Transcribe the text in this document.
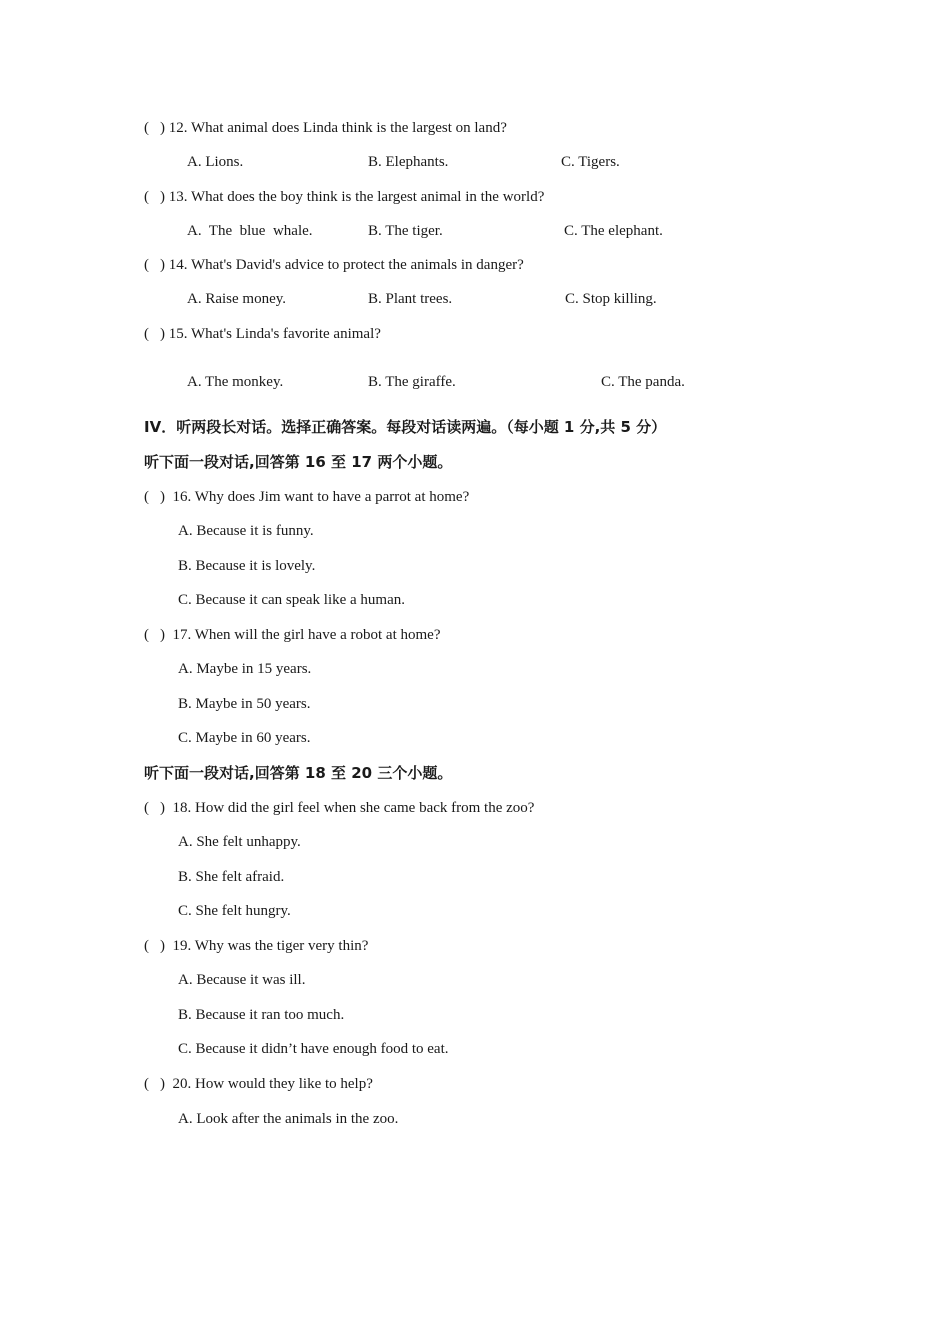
( ) 12. What animal does Linda think is the largest on land?
A. Lions.	B. Elephants.	C. Tigers.
( ) 13. What does the boy think is the largest animal in the world?
A.  The  blue  whale.	B. The tiger.	C. The elephant.
( ) 14. What's David's advice to protect the animals in danger?
A. Raise money.	B. Plant trees.	C. Stop killing.
( ) 15. What's Linda's favorite animal?
A. The monkey.	B. The giraffe.	C. The panda.
IV．听两段长对话。选择正确答案。每段对话读两遍。（每小题 1 分,共 5 分）
听下面一段对话,回答第 16 至 17 两个小题。
( )  16. Why does Jim want to have a parrot at home?
A. Because it is funny.
B. Because it is lovely.
C. Because it can speak like a human.
( )  17. When will the girl have a robot at home?
A. Maybe in 15 years.
B. Maybe in 50 years.
C. Maybe in 60 years.
听下面一段对话,回答第 18 至 20 三个小题。
( )  18. How did the girl feel when she came back from the zoo?
A. She felt unhappy.
B. She felt afraid.
C. She felt hungry.
( )  19. Why was the tiger very thin?
A. Because it was ill.
B. Because it ran too much.
C. Because it didn’t have enough food to eat.
( )  20. How would they like to help?
A. Look after the animals in the zoo.
